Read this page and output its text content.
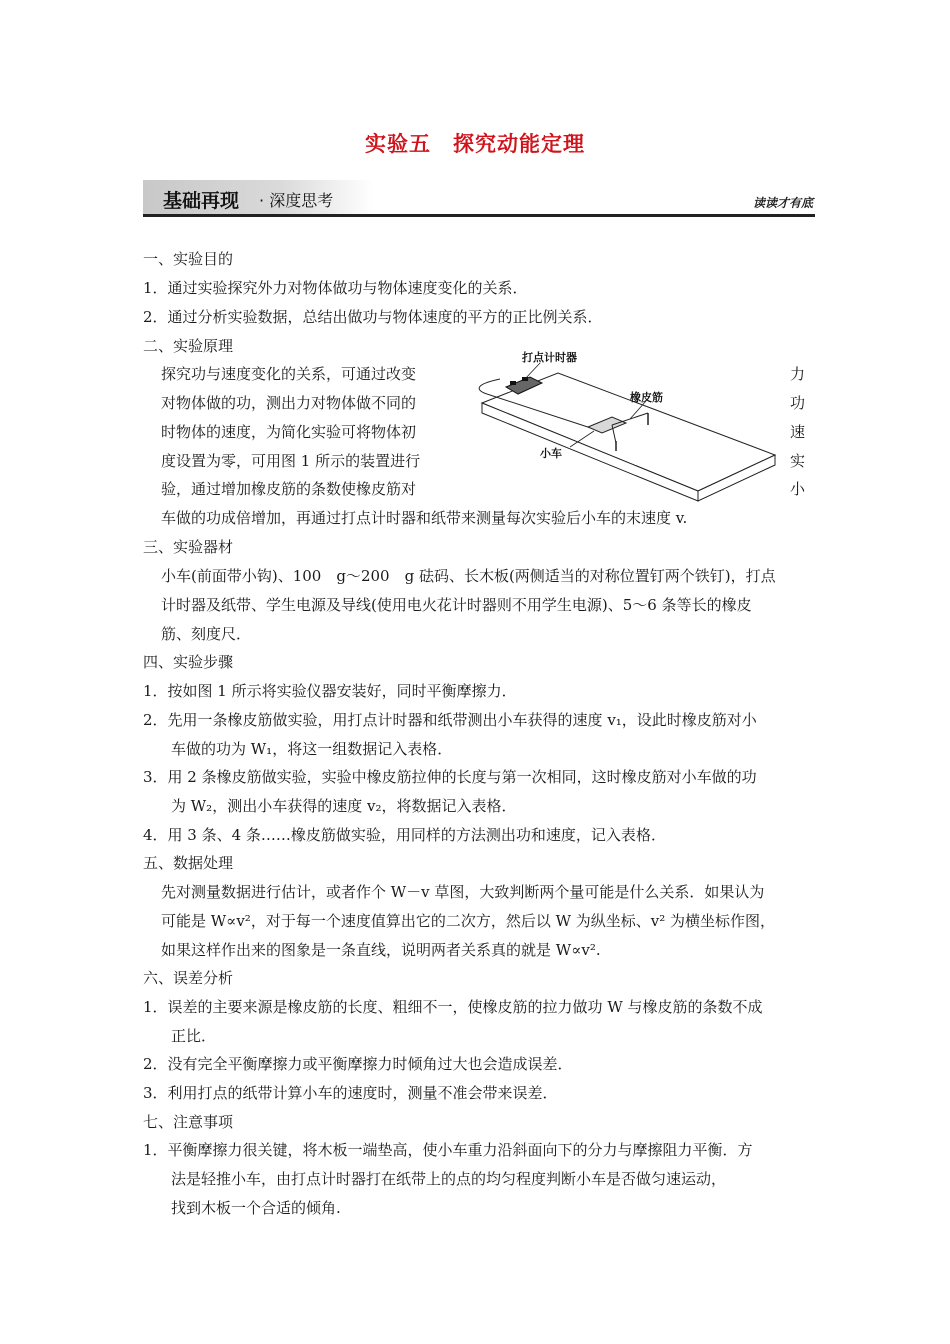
实验五　探究动能定理
基础再现 · 深度思考	读读才有底
一、实验目的
1．通过实验探究外力对物体做功与物体速度变化的关系．
2．通过分析实验数据，总结出做功与物体速度的平方的正比例关系．
二、实验原理
探究功与速度变化的关系，可通过改变
对物体做的功，测出力对物体做不同的
时物体的速度，为简化实验可将物体初
度设置为零，可用图 1 所示的装置进行
验，通过增加橡皮筋的条数使橡皮筋对
车做的功成倍增加，再通过打点计时器和纸带来测量每次实验后小车的末速度 v.
力
功
速
实
小
打点计时器
橡皮筋
小车
三、实验器材
小车(前面带小钩)、100　g～200　g 砝码、长木板(两侧适当的对称位置钉两个铁钉)，打点
计时器及纸带、学生电源及导线(使用电火花计时器则不用学生电源)、5～6 条等长的橡皮
筋、刻度尺．
四、实验步骤
1．按如图 1 所示将实验仪器安装好，同时平衡摩擦力．
2．先用一条橡皮筋做实验，用打点计时器和纸带测出小车获得的速度 v₁，设此时橡皮筋对小
车做的功为 W₁，将这一组数据记入表格．
3．用 2 条橡皮筋做实验，实验中橡皮筋拉伸的长度与第一次相同，这时橡皮筋对小车做的功
为 W₂，测出小车获得的速度 v₂，将数据记入表格．
4．用 3 条、4 条……橡皮筋做实验，用同样的方法测出功和速度，记入表格．
五、数据处理
先对测量数据进行估计，或者作个 W－v 草图，大致判断两个量可能是什么关系．如果认为
可能是 W∝v²，对于每一个速度值算出它的二次方，然后以 W 为纵坐标、v² 为横坐标作图，
如果这样作出来的图象是一条直线，说明两者关系真的就是 W∝v².
六、误差分析
1．误差的主要来源是橡皮筋的长度、粗细不一，使橡皮筋的拉力做功 W 与橡皮筋的条数不成
正比．
2．没有完全平衡摩擦力或平衡摩擦力时倾角过大也会造成误差．
3．利用打点的纸带计算小车的速度时，测量不准会带来误差．
七、注意事项
1．平衡摩擦力很关键，将木板一端垫高，使小车重力沿斜面向下的分力与摩擦阻力平衡．方
法是轻推小车，由打点计时器打在纸带上的点的均匀程度判断小车是否做匀速运动，
找到木板一个合适的倾角.
